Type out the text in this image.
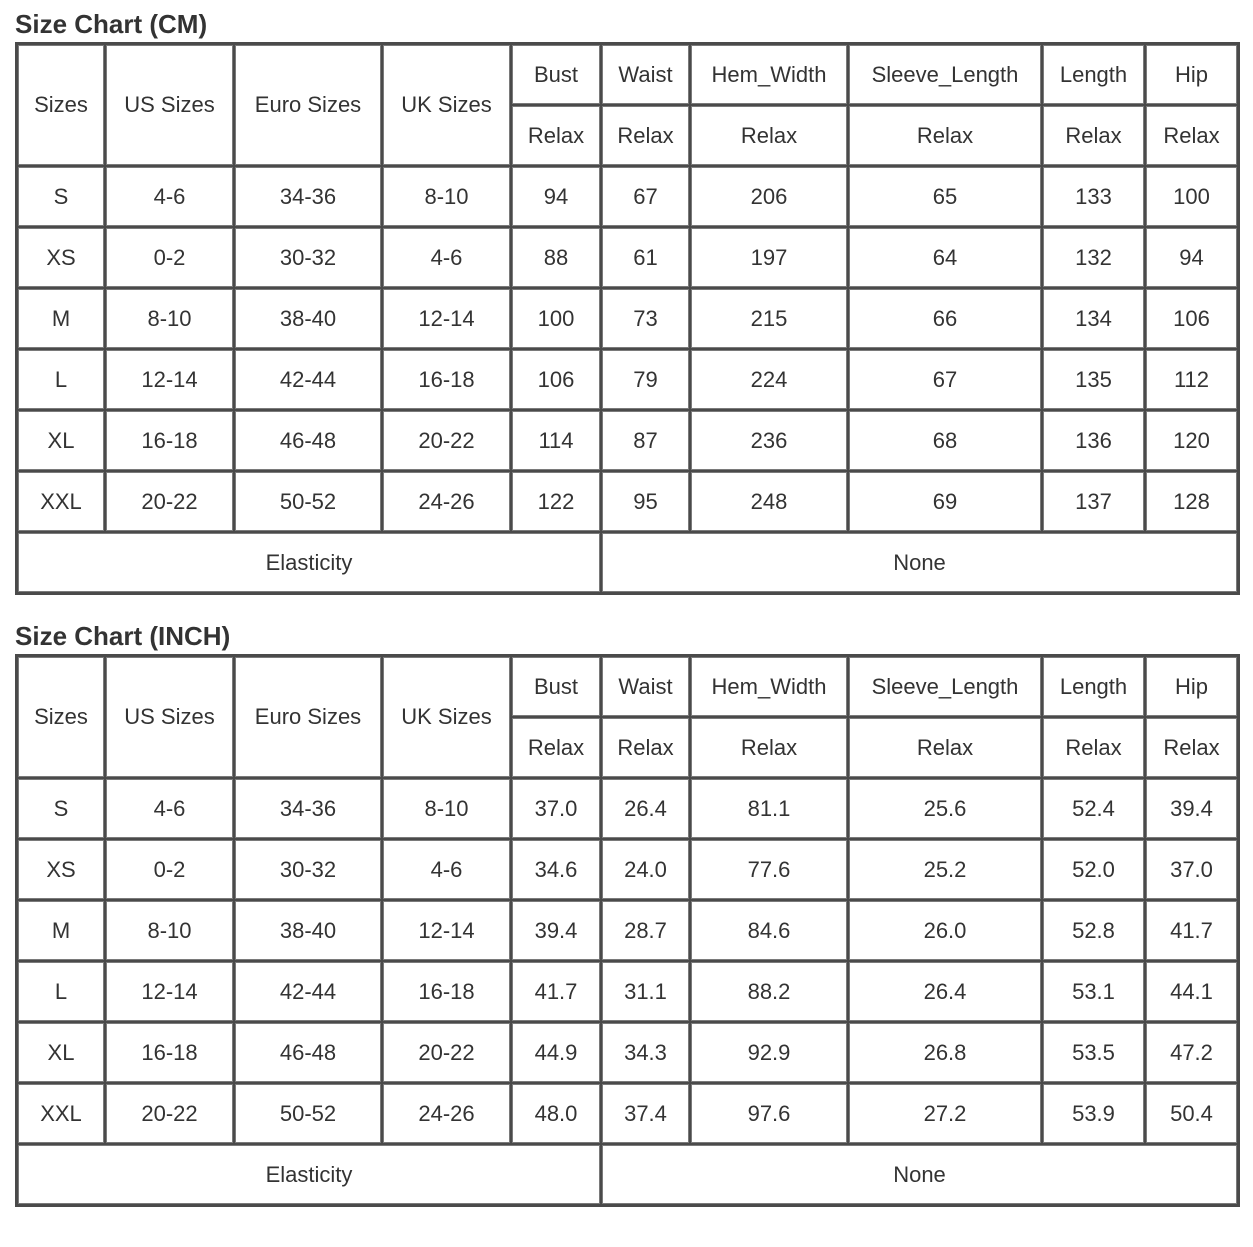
Size Chart (CM)
Sizes	US Sizes	Euro Sizes	UK Sizes	Bust	Waist	Hem_Width	Sleeve_Length	Length	Hip
				Relax	Relax	Relax	Relax	Relax	Relax
S	4-6	34-36	8-10	94	67	206	65	133	100
XS	0-2	30-32	4-6	88	61	197	64	132	94
M	8-10	38-40	12-14	100	73	215	66	134	106
L	12-14	42-44	16-18	106	79	224	67	135	112
XL	16-18	46-48	20-22	114	87	236	68	136	120
XXL	20-22	50-52	24-26	122	95	248	69	137	128
Elasticity					None				
Size Chart (INCH)
Sizes	US Sizes	Euro Sizes	UK Sizes	Bust	Waist	Hem_Width	Sleeve_Length	Length	Hip
				Relax	Relax	Relax	Relax	Relax	Relax
S	4-6	34-36	8-10	37.0	26.4	81.1	25.6	52.4	39.4
XS	0-2	30-32	4-6	34.6	24.0	77.6	25.2	52.0	37.0
M	8-10	38-40	12-14	39.4	28.7	84.6	26.0	52.8	41.7
L	12-14	42-44	16-18	41.7	31.1	88.2	26.4	53.1	44.1
XL	16-18	46-48	20-22	44.9	34.3	92.9	26.8	53.5	47.2
XXL	20-22	50-52	24-26	48.0	37.4	97.6	27.2	53.9	50.4
Elasticity					None				
